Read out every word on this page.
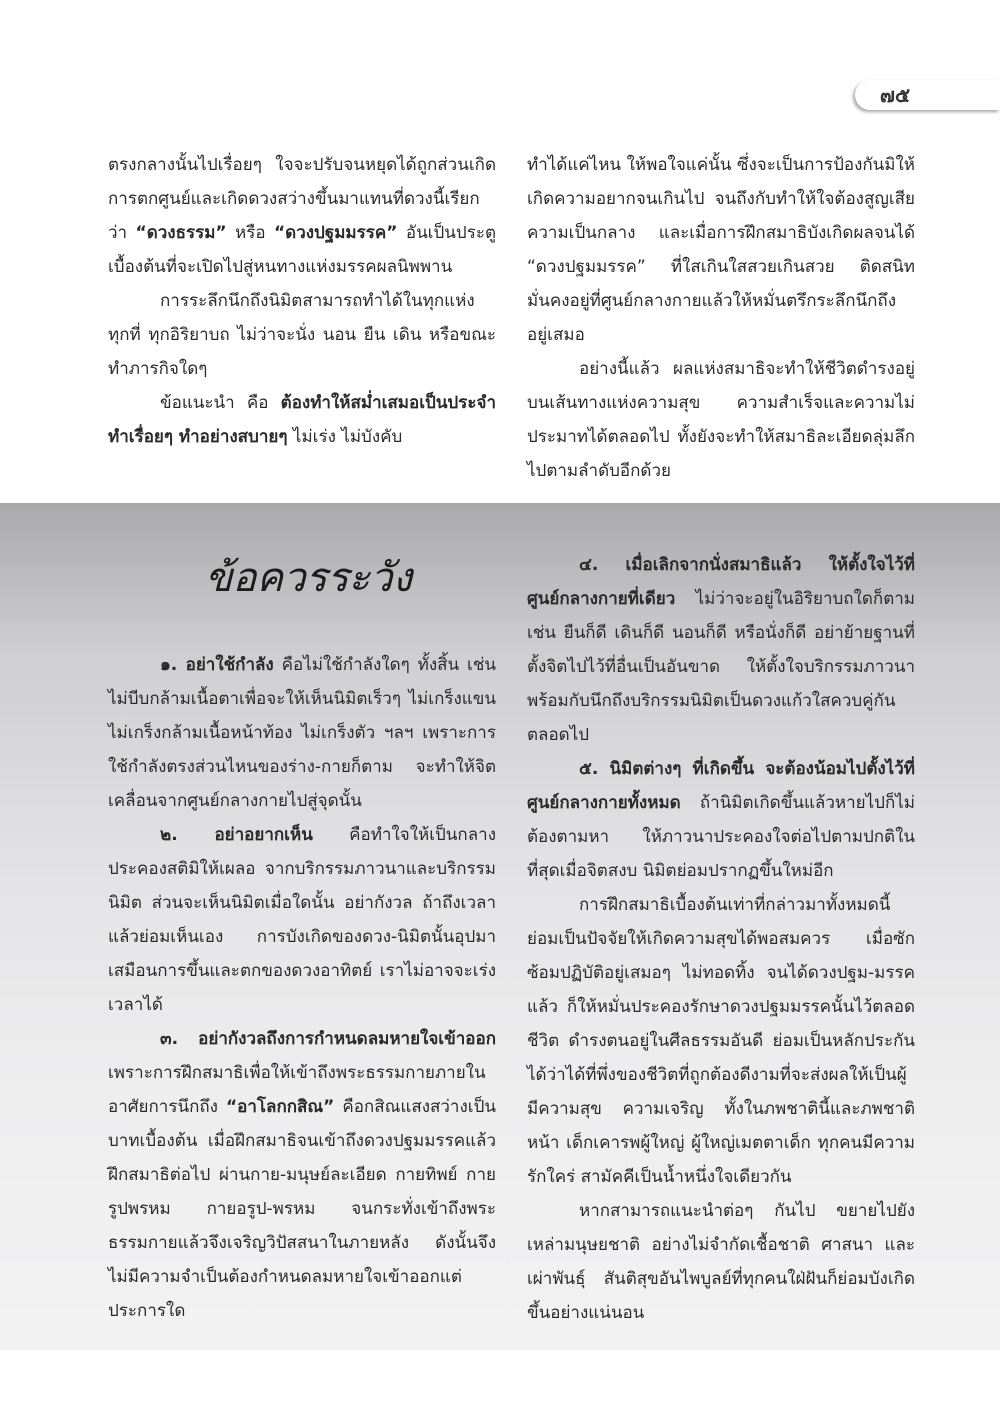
๗๕

ตรงกลางนั้นไปเรื่อยๆ ใจจะปรับจนหยุดได้ถูกส่วนเกิดการตกศูนย์และเกิดดวงสว่างขึ้นมาแทนที่ดวงนี้เรียกว่า “ดวงธรรม” หรือ “ดวงปฐมมรรค” อันเป็นประตูเบื้องต้นที่จะเปิดไปสู่หนทางแห่งมรรคผลนิพพาน

การระลึกนึกถึงนิมิตสามารถทำได้ในทุกแห่งทุกที่ ทุกอิริยาบถ ไม่ว่าจะนั่ง นอน ยืน เดิน หรือขณะทำภารกิจใดๆ

ข้อแนะนำ คือ ต้องทำให้สม่ำเสมอเป็นประจำ ทำเรื่อยๆ ทำอย่างสบายๆ ไม่เร่ง ไม่บังคับ

ทำได้แค่ไหน ให้พอใจแค่นั้น ซึ่งจะเป็นการป้องกันมิให้เกิดความอยากจนเกินไป จนถึงกับทำให้ใจต้องสูญเสียความเป็นกลาง และเมื่อการฝึกสมาธิบังเกิดผลจนได้ “ดวงปฐมมรรค” ที่ใสเกินใสสวยเกินสวย ติดสนิทมั่นคงอยู่ที่ศูนย์กลางกายแล้วให้หมั่นตรึกระลึกนึกถึงอยู่เสมอ

อย่างนี้แล้ว ผลแห่งสมาธิจะทำให้ชีวิตดำรงอยู่บนเส้นทางแห่งความสุข ความสำเร็จและความไม่ประมาทได้ตลอดไป ทั้งยังจะทำให้สมาธิละเอียดลุ่มลึกไปตามลำดับอีกด้วย

ข้อควรระวัง

๑. อย่าใช้กำลัง คือไม่ใช้กำลังใดๆ ทั้งสิ้น เช่น ไม่บีบกล้ามเนื้อตาเพื่อจะให้เห็นนิมิตเร็วๆ ไม่เกร็งแขน ไม่เกร็งกล้ามเนื้อหน้าท้อง ไม่เกร็งตัว ฯลฯ เพราะการใช้กำลังตรงส่วนไหนของร่าง-กายก็ตาม จะทำให้จิตเคลื่อนจากศูนย์กลางกายไปสู่จุดนั้น

๒. อย่าอยากเห็น คือทำใจให้เป็นกลาง ประคองสติมิให้เผลอ จากบริกรรมภาวนาและบริกรรมนิมิต ส่วนจะเห็นนิมิตเมื่อใดนั้น อย่ากังวล ถ้าถึงเวลาแล้วย่อมเห็นเอง การบังเกิดของดวง-นิมิตนั้นอุปมาเสมือนการขึ้นและตกของดวงอาทิตย์ เราไม่อาจจะเร่งเวลาได้

๓. อย่ากังวลถึงการกำหนดลมหายใจเข้าออก เพราะการฝึกสมาธิเพื่อให้เข้าถึงพระธรรมกายภายใน อาศัยการนึกถึง “อาโลกกสิณ” คือกสิณแสงสว่างเป็นบาทเบื้องต้น เมื่อฝึกสมาธิจนเข้าถึงดวงปฐมมรรคแล้ว ฝึกสมาธิต่อไป ผ่านกาย-มนุษย์ละเอียด กายทิพย์ กายรูปพรหม กายอรูป-พรหม จนกระทั่งเข้าถึงพระธรรมกายแล้วจึงเจริญวิปัสสนาในภายหลัง ดังนั้นจึงไม่มีความจำเป็นต้องกำหนดลมหายใจเข้าออกแต่ประการใด

๔. เมื่อเลิกจากนั่งสมาธิแล้ว ให้ตั้งใจไว้ที่ศูนย์กลางกายที่เดียว ไม่ว่าจะอยู่ในอิริยาบถใดก็ตาม เช่น ยืนก็ดี เดินก็ดี นอนก็ดี หรือนั่งก็ดี อย่าย้ายฐานที่ตั้งจิตไปไว้ที่อื่นเป็นอันขาด ให้ตั้งใจบริกรรมภาวนา พร้อมกับนึกถึงบริกรรมนิมิตเป็นดวงแก้วใสควบคู่กันตลอดไป

๕. นิมิตต่างๆ ที่เกิดขึ้น จะต้องน้อมไปตั้งไว้ที่ศูนย์กลางกายทั้งหมด ถ้านิมิตเกิดขึ้นแล้วหายไปก็ไม่ต้องตามหา ให้ภาวนาประคองใจต่อไปตามปกติในที่สุดเมื่อจิตสงบ นิมิตย่อมปรากฏขึ้นใหม่อีก

การฝึกสมาธิเบื้องต้นเท่าที่กล่าวมาทั้งหมดนี้ย่อมเป็นปัจจัยให้เกิดความสุขได้พอสมควร เมื่อซักซ้อมปฏิบัติอยู่เสมอๆ ไม่ทอดทิ้ง จนได้ดวงปฐม-มรรคแล้ว ก็ให้หมั่นประคองรักษาดวงปฐมมรรคนั้นไว้ตลอดชีวิต ดำรงตนอยู่ในศีลธรรมอันดี ย่อมเป็นหลักประกันได้ว่าได้ที่พึ่งของชีวิตที่ถูกต้องดีงามที่จะส่งผลให้เป็นผู้มีความสุข ความเจริญ ทั้งในภพชาตินี้และภพชาติหน้า เด็กเคารพผู้ใหญ่ ผู้ใหญ่เมตตาเด็ก ทุกคนมีความรักใคร่ สามัคคีเป็นน้ำหนึ่งใจเดียวกัน

หากสามารถแนะนำต่อๆ กันไป ขยายไปยังเหล่ามนุษยชาติ อย่างไม่จำกัดเชื้อชาติ ศาสนา และเผ่าพันธุ์ สันติสุขอันไพบูลย์ที่ทุกคนใฝ่ฝันก็ย่อมบังเกิดขึ้นอย่างแน่นอน
